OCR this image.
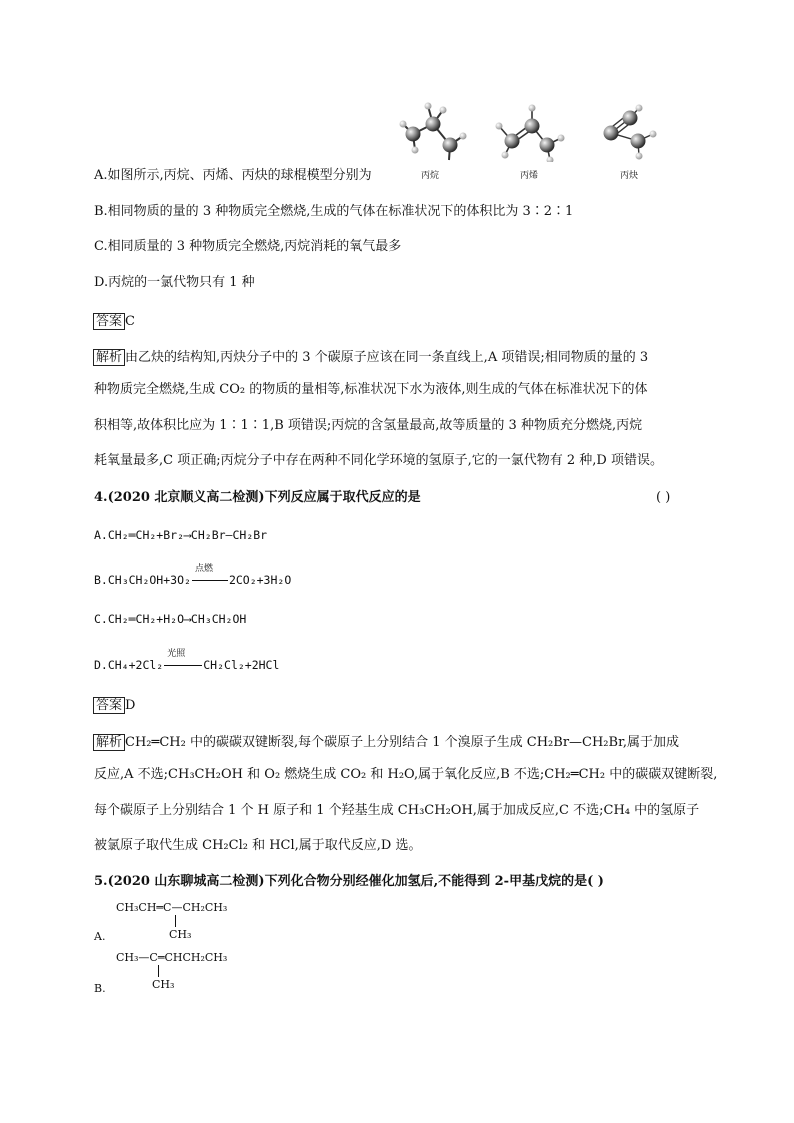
A.如图所示,丙烷、丙烯、丙炔的球棍模型分别为	丙烷	丙烯	丙炔
B.相同物质的量的 3 种物质完全燃烧,生成的气体在标准状况下的体积比为 3∶2∶1
C.相同质量的 3 种物质完全燃烧,丙烷消耗的氧气最多
D.丙烷的一氯代物只有 1 种
答案 C
解析 由乙炔的结构知,丙炔分子中的 3 个碳原子应该在同一条直线上,A 项错误;相同物质的量的 3
种物质完全燃烧,生成 CO₂ 的物质的量相等,标准状况下水为液体,则生成的气体在标准状况下的体
积相等,故体积比应为 1∶1∶1,B 项错误;丙烷的含氢量最高,故等质量的 3 种物质充分燃烧,丙烷
耗氧量最多,C 项正确;丙烷分子中存在两种不同化学环境的氢原子,它的一氯代物有 2 种,D 项错误。
4.(2020 北京顺义高二检测)下列反应属于取代反应的是	( )
A.CH₂═CH₂+Br₂⟶CH₂Br—CH₂Br
B.CH₃CH₂OH+3O₂
点燃
2CO₂+3H₂O
C.CH₂═CH₂+H₂O⟶CH₃CH₂OH
D.CH₄+2Cl₂
光照
CH₂Cl₂+2HCl
答案 D
解析 CH₂═CH₂ 中的碳碳双键断裂,每个碳原子上分别结合 1 个溴原子生成 CH₂Br—CH₂Br,属于加成
反应,A 不选;CH₃CH₂OH 和 O₂ 燃烧生成 CO₂ 和 H₂O,属于氧化反应,B 不选;CH₂═CH₂ 中的碳碳双键断裂,
每个碳原子上分别结合 1 个 H 原子和 1 个羟基生成 CH₃CH₂OH,属于加成反应,C 不选;CH₄ 中的氢原子
被氯原子取代生成 CH₂Cl₂ 和 HCl,属于取代反应,D 选。
5.(2020 山东聊城高二检测)下列化合物分别经催化加氢后,不能得到 2-甲基戊烷的是( )
A.
CH₃CH═C—CH₂CH₃
CH₃
B.
CH₃—C═CHCH₂CH₃
CH₃
